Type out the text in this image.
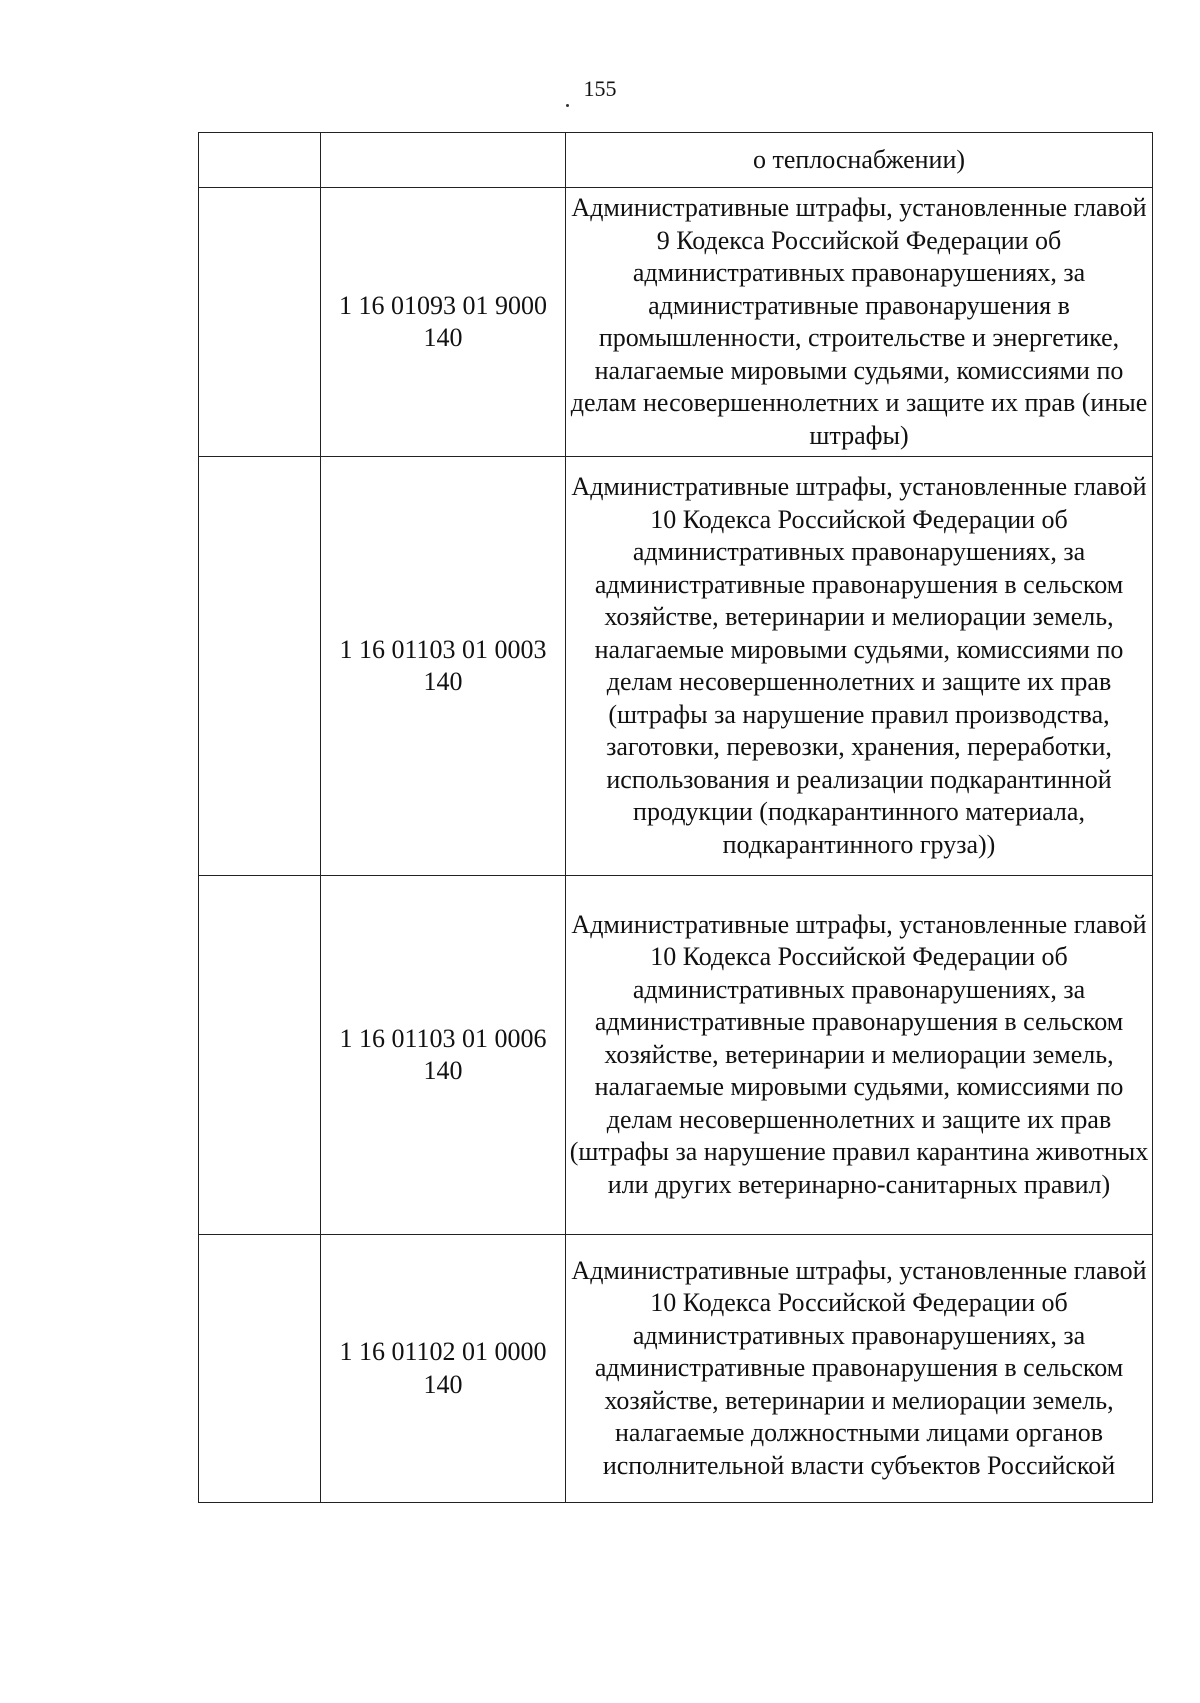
155

		о теплоснабжении)

	1 16 01093 01 9000
140	Административные штрафы, установленные главой 9 Кодекса Российской Федерации об административных правонарушениях, за административные правонарушения в промышленности, строительстве и энергетике, налагаемые мировыми судьями, комиссиями по делам несовершеннолетних и защите их прав (иные штрафы)

	1 16 01103 01 0003
140	Административные штрафы, установленные главой 10 Кодекса Российской Федерации об административных правонарушениях, за административные правонарушения в сельском хозяйстве, ветеринарии и мелиорации земель, налагаемые мировыми судьями, комиссиями по делам несовершеннолетних и защите их прав (штрафы за нарушение правил производства, заготовки, перевозки, хранения, переработки, использования и реализации подкарантинной продукции (подкарантинного материала, подкарантинного груза))

	1 16 01103 01 0006
140	Административные штрафы, установленные главой 10 Кодекса Российской Федерации об административных правонарушениях, за административные правонарушения в сельском хозяйстве, ветеринарии и мелиорации земель, налагаемые мировыми судьями, комиссиями по делам несовершеннолетних и защите их прав (штрафы за нарушение правил карантина животных или других ветеринарно-санитарных правил)

	1 16 01102 01 0000
140	Административные штрафы, установленные главой 10 Кодекса Российской Федерации об административных правонарушениях, за административные правонарушения в сельском хозяйстве, ветеринарии и мелиорации земель, налагаемые должностными лицами органов исполнительной власти субъектов Российской
